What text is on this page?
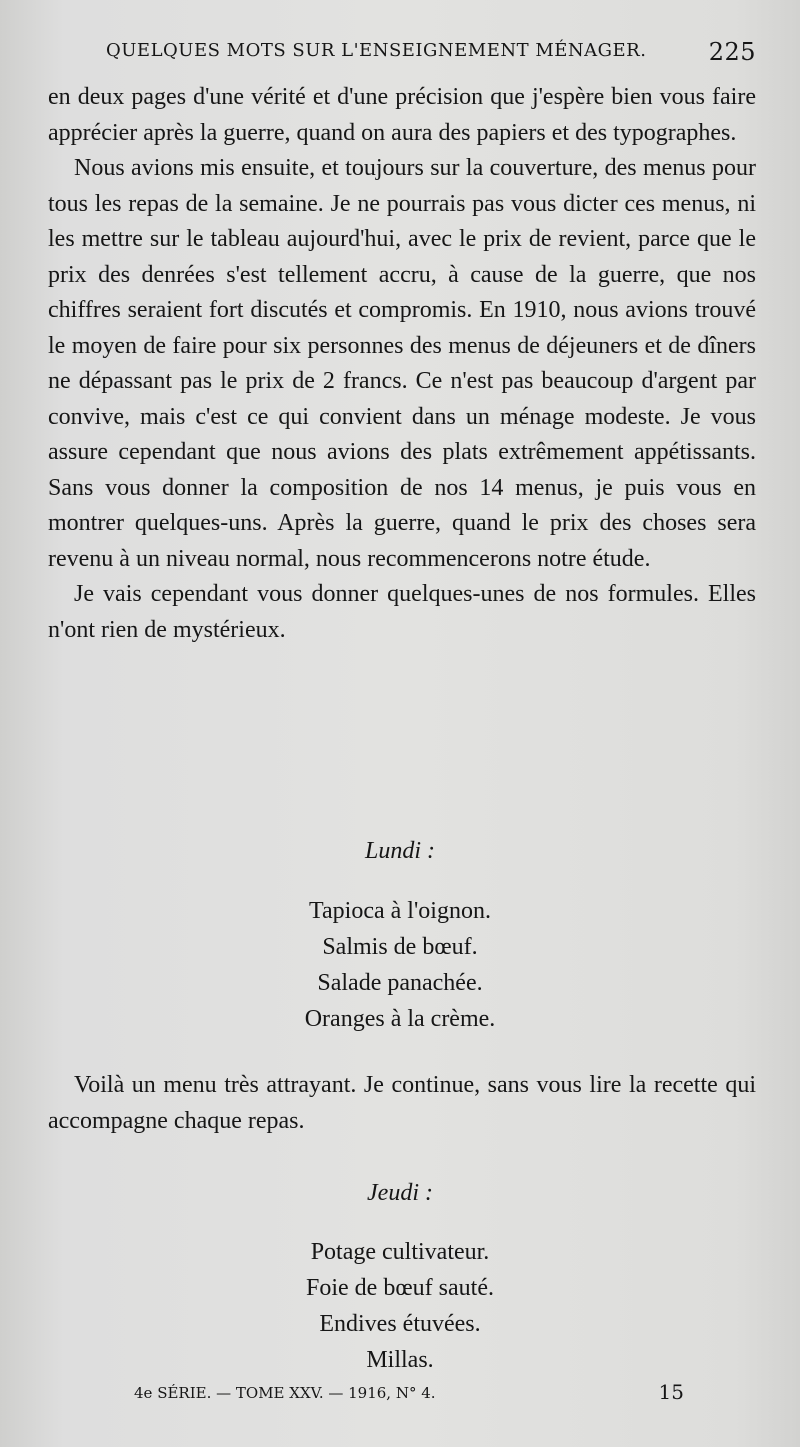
QUELQUES MOTS SUR L'ENSEIGNEMENT MÉNAGER.	225

en deux pages d'une vérité et d'une précision que j'espère bien vous faire apprécier après la guerre, quand on aura des papiers et des typographes.

Nous avions mis ensuite, et toujours sur la couverture, des menus pour tous les repas de la semaine. Je ne pourrais pas vous dicter ces menus, ni les mettre sur le tableau aujourd'hui, avec le prix de revient, parce que le prix des denrées s'est tellement accru, à cause de la guerre, que nos chiffres seraient fort discutés et compromis. En 1910, nous avions trouvé le moyen de faire pour six personnes des menus de déjeuners et de dîners ne dépassant pas le prix de 2 francs. Ce n'est pas beaucoup d'argent par convive, mais c'est ce qui convient dans un ménage modeste. Je vous assure cependant que nous avions des plats extrêmement appétissants. Sans vous donner la composition de nos 14 menus, je puis vous en montrer quelques-uns. Après la guerre, quand le prix des choses sera revenu à un niveau normal, nous recommencerons notre étude.

Je vais cependant vous donner quelques-unes de nos formules. Elles n'ont rien de mystérieux.

Lundi :
Tapioca à l'oignon.
Salmis de bœuf.
Salade panachée.
Oranges à la crème.

Voilà un menu très attrayant. Je continue, sans vous lire la recette qui accompagne chaque repas.

Jeudi :
Potage cultivateur.
Foie de bœuf sauté.
Endives étuvées.
Millas.
4e SÉRIE. — TOME XXV. — 1916, N° 4.	15
